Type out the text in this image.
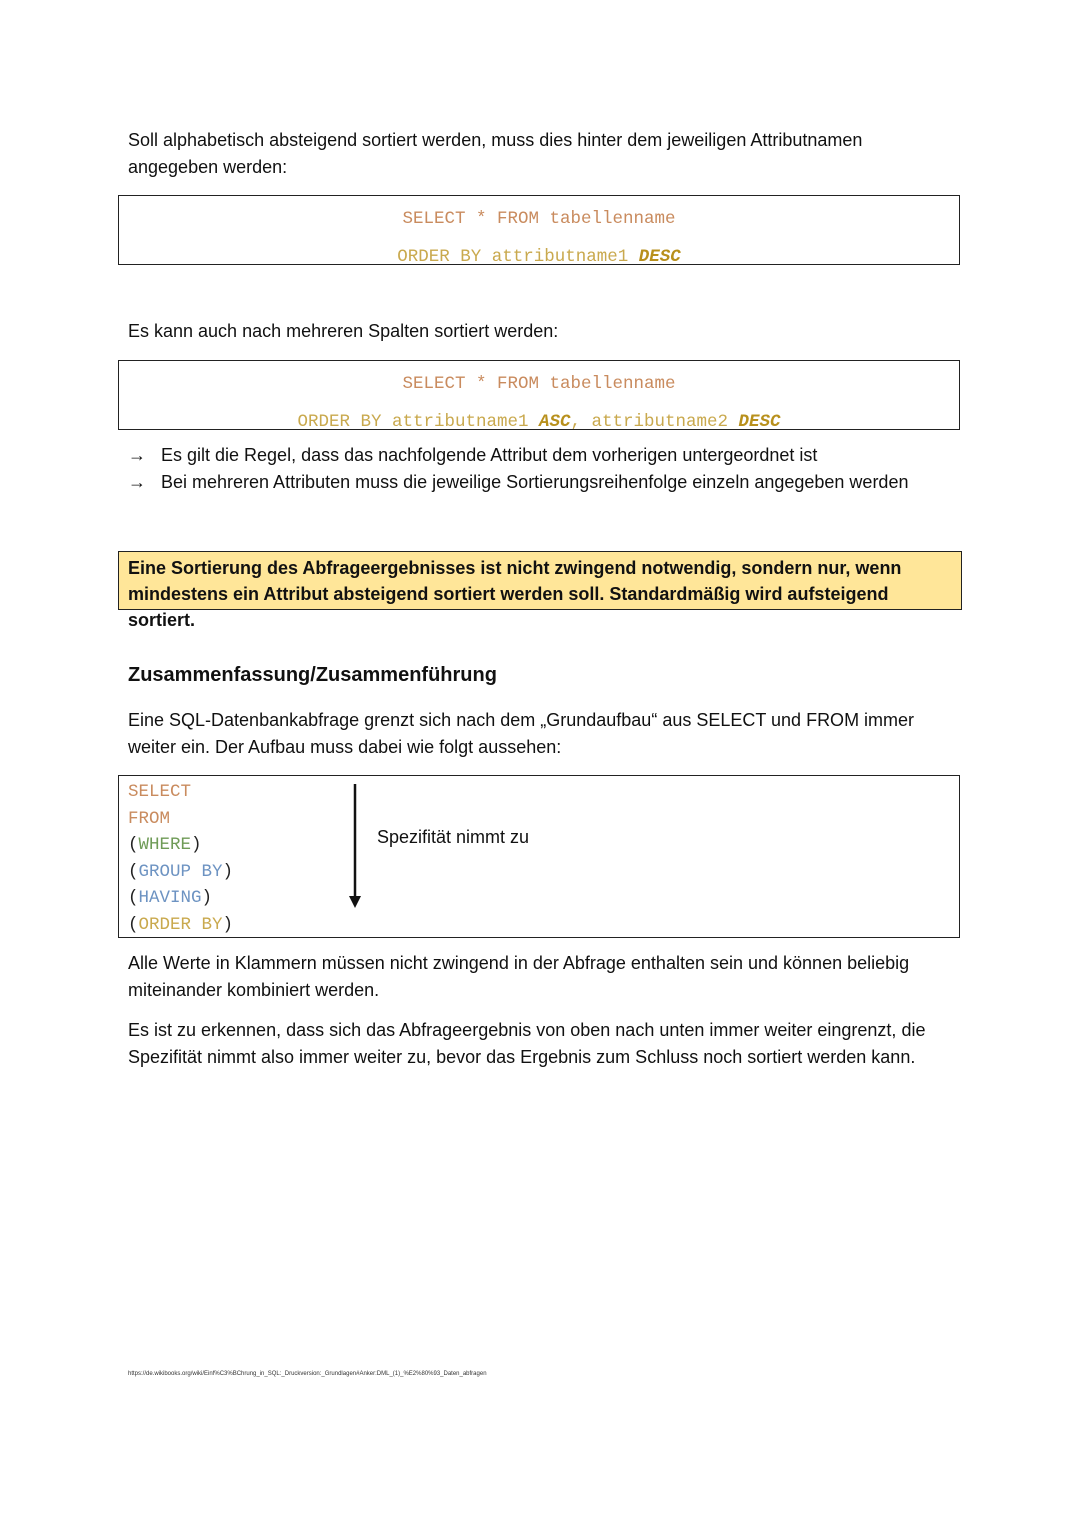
Soll alphabetisch absteigend sortiert werden, muss dies hinter dem jeweiligen Attributnamen angegeben werden:

SELECT * FROM tabellenname
ORDER BY attributname1 DESC

Es kann auch nach mehreren Spalten sortiert werden:

SELECT * FROM tabellenname
ORDER BY attributname1 ASC, attributname2 DESC
→ Es gilt die Regel, dass das nachfolgende Attribut dem vorherigen untergeordnet ist
→ Bei mehreren Attributen muss die jeweilige Sortierungsreihenfolge einzeln angegeben werden
Eine Sortierung des Abfrageergebnisses ist nicht zwingend notwendig, sondern nur, wenn mindestens ein Attribut absteigend sortiert werden soll. Standardmäßig wird aufsteigend sortiert.
Zusammenfassung/Zusammenführung

Eine SQL-Datenbankabfrage grenzt sich nach dem „Grundaufbau“ aus SELECT und FROM immer weiter ein. Der Aufbau muss dabei wie folgt aussehen:

SELECT
FROM
(WHERE)
(GROUP BY)
(HAVING)
(ORDER BY)
Spezifität nimmt zu

Alle Werte in Klammern müssen nicht zwingend in der Abfrage enthalten sein und können beliebig miteinander kombiniert werden.

Es ist zu erkennen, dass sich das Abfrageergebnis von oben nach unten immer weiter eingrenzt, die Spezifität nimmt also immer weiter zu, bevor das Ergebnis zum Schluss noch sortiert werden kann.

https://de.wikibooks.org/wiki/Einf%C3%BChrung_in_SQL:_Druckversion:_Grundlagen#Anker:DML_(1)_%E2%80%93_Daten_abfragen
